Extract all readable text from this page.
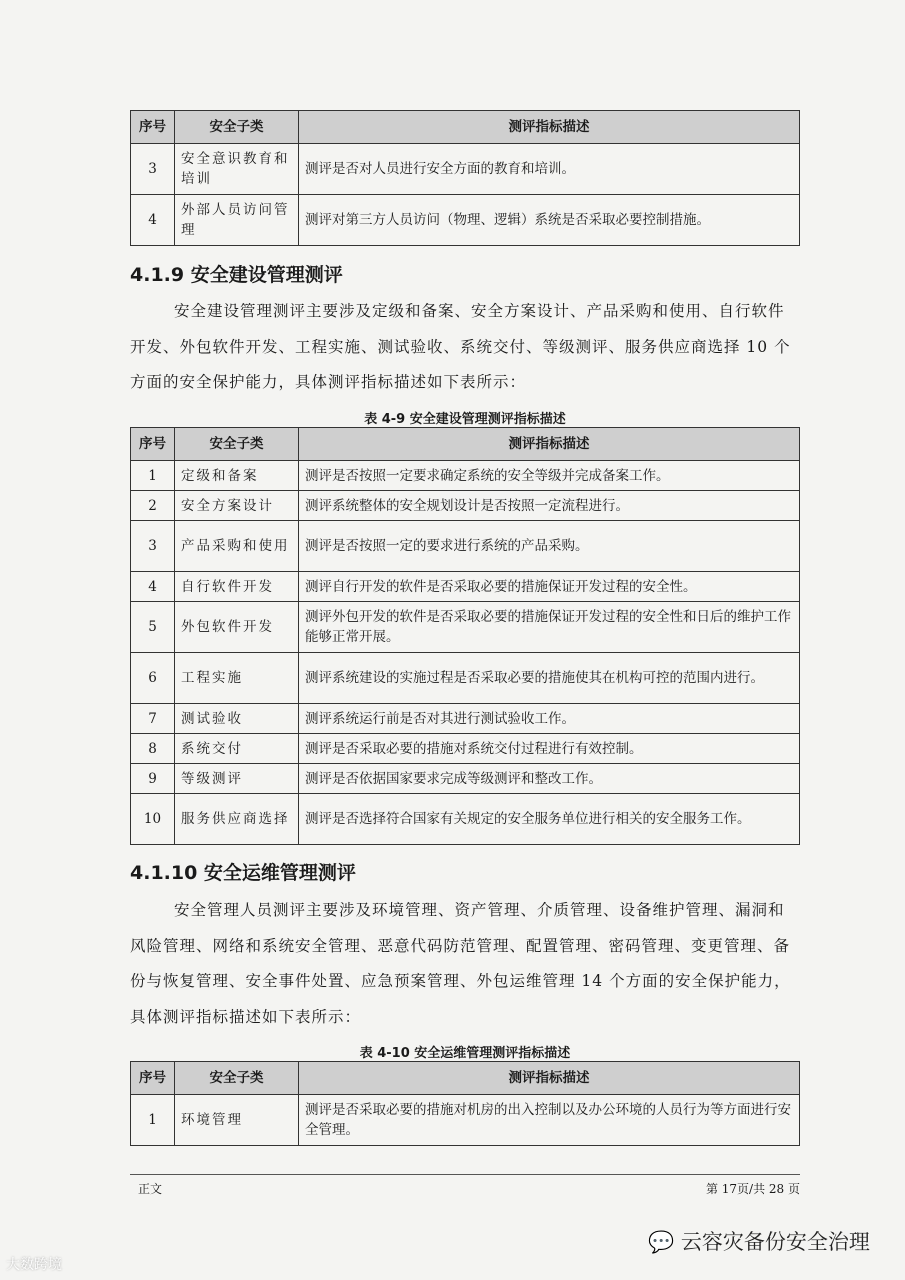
序号	安全子类	测评指标描述
3	安全意识教育和培训	测评是否对人员进行安全方面的教育和培训。
4	外部人员访问管理	测评对第三方人员访问（物理、逻辑）系统是否采取必要控制措施。
4.1.9 安全建设管理测评

安全建设管理测评主要涉及定级和备案、安全方案设计、产品采购和使用、自行软件开发、外包软件开发、工程实施、测试验收、系统交付、等级测评、服务供应商选择 10 个方面的安全保护能力，具体测评指标描述如下表所示：

表 4-9 安全建设管理测评指标描述
序号	安全子类	测评指标描述
1	定级和备案	测评是否按照一定要求确定系统的安全等级并完成备案工作。
2	安全方案设计	测评系统整体的安全规划设计是否按照一定流程进行。
3	产品采购和使用	测评是否按照一定的要求进行系统的产品采购。
4	自行软件开发	测评自行开发的软件是否采取必要的措施保证开发过程的安全性。
5	外包软件开发	测评外包开发的软件是否采取必要的措施保证开发过程的安全性和日后的维护工作能够正常开展。
6	工程实施	测评系统建设的实施过程是否采取必要的措施使其在机构可控的范围内进行。
7	测试验收	测评系统运行前是否对其进行测试验收工作。
8	系统交付	测评是否采取必要的措施对系统交付过程进行有效控制。
9	等级测评	测评是否依据国家要求完成等级测评和整改工作。
10	服务供应商选择	测评是否选择符合国家有关规定的安全服务单位进行相关的安全服务工作。
4.1.10 安全运维管理测评

安全管理人员测评主要涉及环境管理、资产管理、介质管理、设备维护管理、漏洞和风险管理、网络和系统安全管理、恶意代码防范管理、配置管理、密码管理、变更管理、备份与恢复管理、安全事件处置、应急预案管理、外包运维管理 14 个方面的安全保护能力，具体测评指标描述如下表所示：

表 4-10 安全运维管理测评指标描述
序号	安全子类	测评指标描述
1	环境管理	测评是否采取必要的措施对机房的出入控制以及办公环境的人员行为等方面进行安全管理。
正文	第 17页/共 28 页
大数跨境
💬 云容灾备份安全治理
